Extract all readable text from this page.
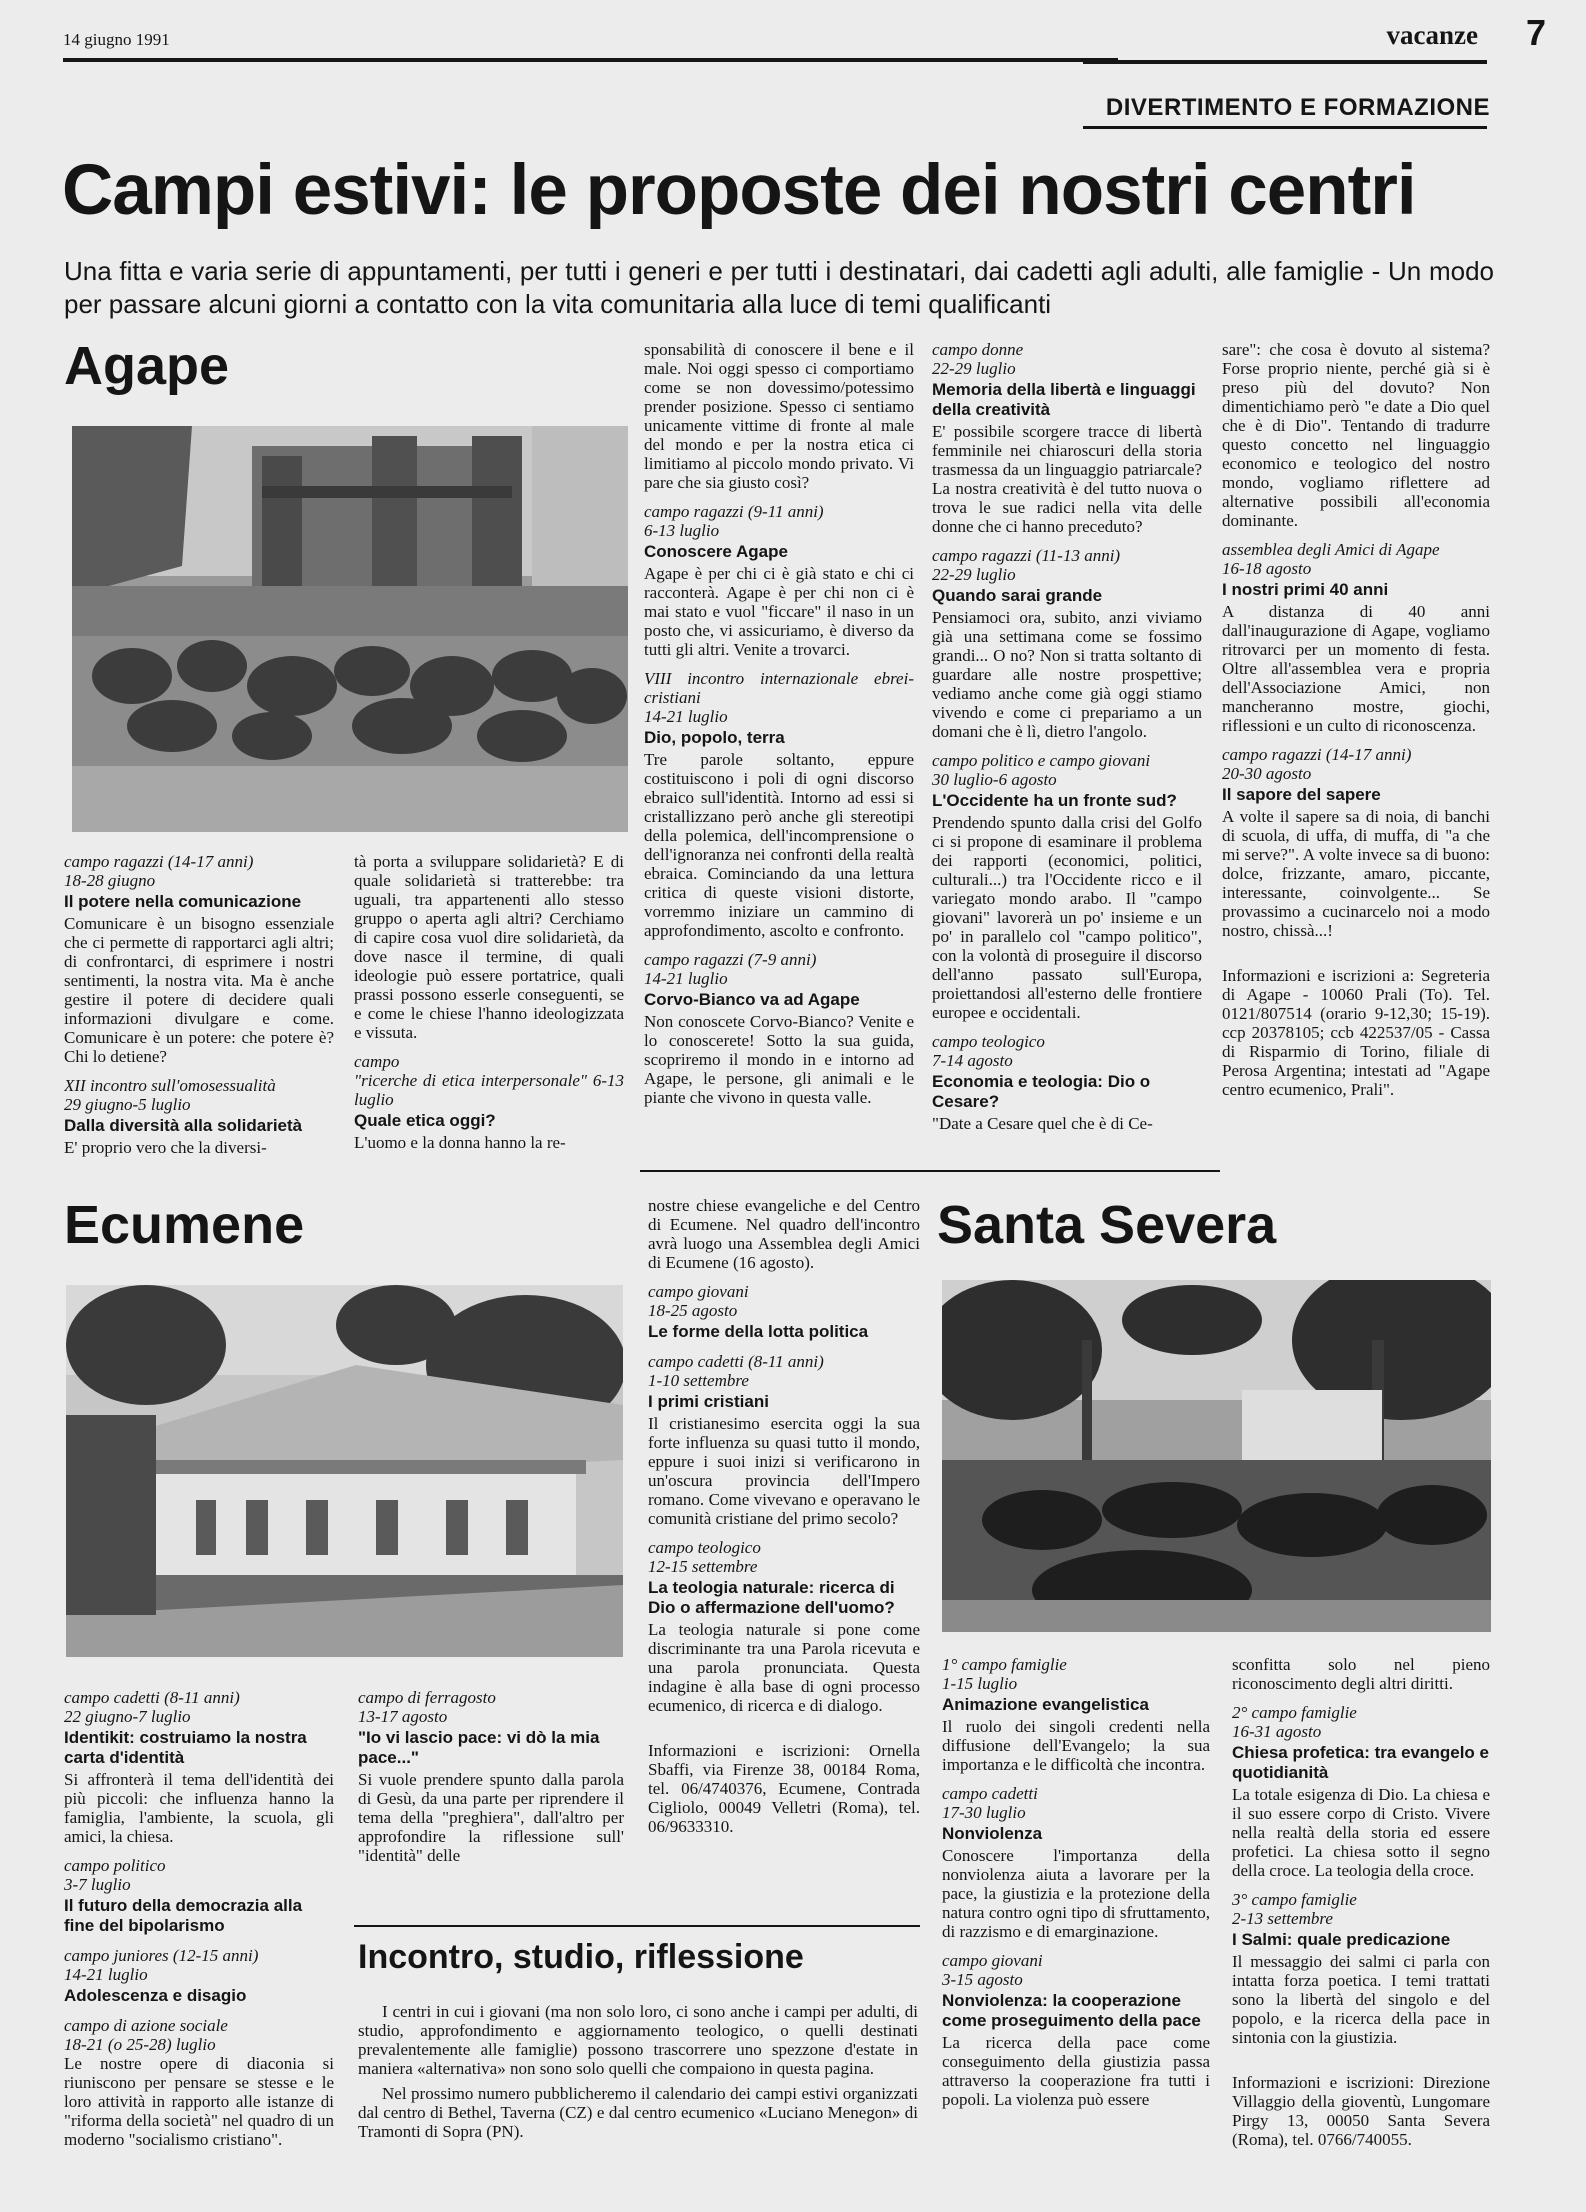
14 giugno 1991	vacanze 7
DIVERTIMENTO E FORMAZIONE
Campi estivi: le proposte dei nostri centri
Una fitta e varia serie di appuntamenti, per tutti i generi e per tutti i destinatari, dai cadetti agli adulti, alle famiglie - Un modo per passare alcuni giorni a contatto con la vita comunitaria alla luce di temi qualificanti
Agape
campo ragazzi (14-17 anni)
18-28 giugno
Il potere nella comunicazione
Comunicare è un bisogno essenziale che ci permette di rapportarci agli altri; di confrontarci, di esprimere i nostri sentimenti, la nostra vita. Ma è anche gestire il potere di decidere quali informazioni divulgare e come. Comunicare è un potere: che potere è? Chi lo detiene?
XII incontro sull'omosessualità
29 giugno-5 luglio
Dalla diversità alla solidarietà
E' proprio vero che la diversi-
tà porta a sviluppare solidarietà? E di quale solidarietà si tratterebbe: tra uguali, tra appartenenti allo stesso gruppo o aperta agli altri? Cerchiamo di capire cosa vuol dire solidarietà, da dove nasce il termine, di quali ideologie può essere portatrice, quali prassi possono esserle conseguenti, se e come le chiese l'hanno ideologizzata e vissuta.
campo
"ricerche di etica interpersonale" 6-13 luglio
Quale etica oggi?
L'uomo e la donna hanno la re-
sponsabilità di conoscere il bene e il male. Noi oggi spesso ci comportiamo come se non dovessimo/potessimo prender posizione. Spesso ci sentiamo unicamente vittime di fronte al male del mondo e per la nostra etica ci limitiamo al piccolo mondo privato. Vi pare che sia giusto così?
campo ragazzi (9-11 anni)
6-13 luglio
Conoscere Agape
Agape è per chi ci è già stato e chi ci racconterà. Agape è per chi non ci è mai stato e vuol "ficcare" il naso in un posto che, vi assicuriamo, è diverso da tutti gli altri. Venite a trovarci.
VIII incontro internazionale ebrei-cristiani
14-21 luglio
Dio, popolo, terra
Tre parole soltanto, eppure costituiscono i poli di ogni discorso ebraico sull'identità. Intorno ad essi si cristallizzano però anche gli stereotipi della polemica, dell'incomprensione o dell'ignoranza nei confronti della realtà ebraica. Cominciando da una lettura critica di queste visioni distorte, vorremmo iniziare un cammino di approfondimento, ascolto e confronto.
campo ragazzi (7-9 anni)
14-21 luglio
Corvo-Bianco va ad Agape
Non conoscete Corvo-Bianco? Venite e lo conoscerete! Sotto la sua guida, scopriremo il mondo in e intorno ad Agape, le persone, gli animali e le piante che vivono in questa valle.
campo donne
22-29 luglio
Memoria della libertà e linguaggi della creatività
E' possibile scorgere tracce di libertà femminile nei chiaroscuri della storia trasmessa da un linguaggio patriarcale? La nostra creatività è del tutto nuova o trova le sue radici nella vita delle donne che ci hanno preceduto?
campo ragazzi (11-13 anni)
22-29 luglio
Quando sarai grande
Pensiamoci ora, subito, anzi viviamo già una settimana come se fossimo grandi... O no? Non si tratta soltanto di guardare alle nostre prospettive; vediamo anche come già oggi stiamo vivendo e come ci prepariamo a un domani che è lì, dietro l'angolo.
campo politico e campo giovani
30 luglio-6 agosto
L'Occidente ha un fronte sud?
Prendendo spunto dalla crisi del Golfo ci si propone di esaminare il problema dei rapporti (economici, politici, culturali...) tra l'Occidente ricco e il variegato mondo arabo. Il "campo giovani" lavorerà un po' insieme e un po' in parallelo col "campo politico", con la volontà di proseguire il discorso dell'anno passato sull'Europa, proiettandosi all'esterno delle frontiere europee e occidentali.
campo teologico
7-14 agosto
Economia e teologia: Dio o Cesare?
"Date a Cesare quel che è di Ce-
sare": che cosa è dovuto al sistema? Forse proprio niente, perché già si è preso più del dovuto? Non dimentichiamo però "e date a Dio quel che è di Dio". Tentando di tradurre questo concetto nel linguaggio economico e teologico del nostro mondo, vogliamo riflettere ad alternative possibili all'economia dominante.
assemblea degli Amici di Agape
16-18 agosto
I nostri primi 40 anni
A distanza di 40 anni dall'inaugurazione di Agape, vogliamo ritrovarci per un momento di festa. Oltre all'assemblea vera e propria dell'Associazione Amici, non mancheranno mostre, giochi, riflessioni e un culto di riconoscenza.
campo ragazzi (14-17 anni)
20-30 agosto
Il sapore del sapere
A volte il sapere sa di noia, di banchi di scuola, di uffa, di muffa, di "a che mi serve?". A volte invece sa di buono: dolce, frizzante, amaro, piccante, interessante, coinvolgente... Se provassimo a cucinarcelo noi a modo nostro, chissà...!
Informazioni e iscrizioni a: Segreteria di Agape - 10060 Prali (To). Tel. 0121/807514 (orario 9-12,30; 15-19). ccp 20378105; ccb 422537/05 - Cassa di Risparmio di Torino, filiale di Perosa Argentina; intestati ad "Agape centro ecumenico, Prali".
Ecumene
campo cadetti (8-11 anni)
22 giugno-7 luglio
Identikit: costruiamo la nostra carta d'identità
Si affronterà il tema dell'identità dei più piccoli: che influenza hanno la famiglia, l'ambiente, la scuola, gli amici, la chiesa.
campo politico
3-7 luglio
Il futuro della democrazia alla fine del bipolarismo
campo juniores (12-15 anni)
14-21 luglio
Adolescenza e disagio
campo di azione sociale
18-21 (o 25-28) luglio
Le nostre opere di diaconia si riuniscono per pensare se stesse e le loro attività in rapporto alle istanze di "riforma della società" nel quadro di un moderno "socialismo cristiano".
campo di ferragosto
13-17 agosto
"Io vi lascio pace: vi dò la mia pace..."
Si vuole prendere spunto dalla parola di Gesù, da una parte per riprendere il tema della "preghiera", dall'altro per approfondire la riflessione sull' "identità" delle
nostre chiese evangeliche e del Centro di Ecumene. Nel quadro dell'incontro avrà luogo una Assemblea degli Amici di Ecumene (16 agosto).
campo giovani
18-25 agosto
Le forme della lotta politica
campo cadetti (8-11 anni)
1-10 settembre
I primi cristiani
Il cristianesimo esercita oggi la sua forte influenza su quasi tutto il mondo, eppure i suoi inizi si verificarono in un'oscura provincia dell'Impero romano. Come vivevano e operavano le comunità cristiane del primo secolo?
campo teologico
12-15 settembre
La teologia naturale: ricerca di Dio o affermazione dell'uomo?
La teologia naturale si pone come discriminante tra una Parola ricevuta e una parola pronunciata. Questa indagine è alla base di ogni processo ecumenico, di ricerca e di dialogo.
Informazioni e iscrizioni: Ornella Sbaffi, via Firenze 38, 00184 Roma, tel. 06/4740376, Ecumene, Contrada Cigliolo, 00049 Velletri (Roma), tel. 06/9633310.
Incontro, studio, riflessione

I centri in cui i giovani (ma non solo loro, ci sono anche i campi per adulti, di studio, approfondimento e aggiornamento teologico, o quelli destinati prevalentemente alle famiglie) possono trascorrere uno spezzone d'estate in maniera «alternativa» non sono solo quelli che compaiono in questa pagina.

Nel prossimo numero pubblicheremo il calendario dei campi estivi organizzati dal centro di Bethel, Taverna (CZ) e dal centro ecumenico «Luciano Menegon» di Tramonti di Sopra (PN).

Santa Severa
1° campo famiglie
1-15 luglio
Animazione evangelistica
Il ruolo dei singoli credenti nella diffusione dell'Evangelo; la sua importanza e le difficoltà che incontra.
campo cadetti
17-30 luglio
Nonviolenza
Conoscere l'importanza della nonviolenza aiuta a lavorare per la pace, la giustizia e la protezione della natura contro ogni tipo di sfruttamento, di razzismo e di emarginazione.
campo giovani
3-15 agosto
Nonviolenza: la cooperazione come proseguimento della pace
La ricerca della pace come conseguimento della giustizia passa attraverso la cooperazione fra tutti i popoli. La violenza può essere
sconfitta solo nel pieno riconoscimento degli altri diritti.
2° campo famiglie
16-31 agosto
Chiesa profetica: tra evangelo e quotidianità
La totale esigenza di Dio. La chiesa e il suo essere corpo di Cristo. Vivere nella realtà della storia ed essere profetici. La chiesa sotto il segno della croce. La teologia della croce.
3° campo famiglie
2-13 settembre
I Salmi: quale predicazione
Il messaggio dei salmi ci parla con intatta forza poetica. I temi trattati sono la libertà del singolo e del popolo, e la ricerca della pace in sintonia con la giustizia.
Informazioni e iscrizioni: Direzione Villaggio della gioventù, Lungomare Pirgy 13, 00050 Santa Severa (Roma), tel. 0766/740055.
